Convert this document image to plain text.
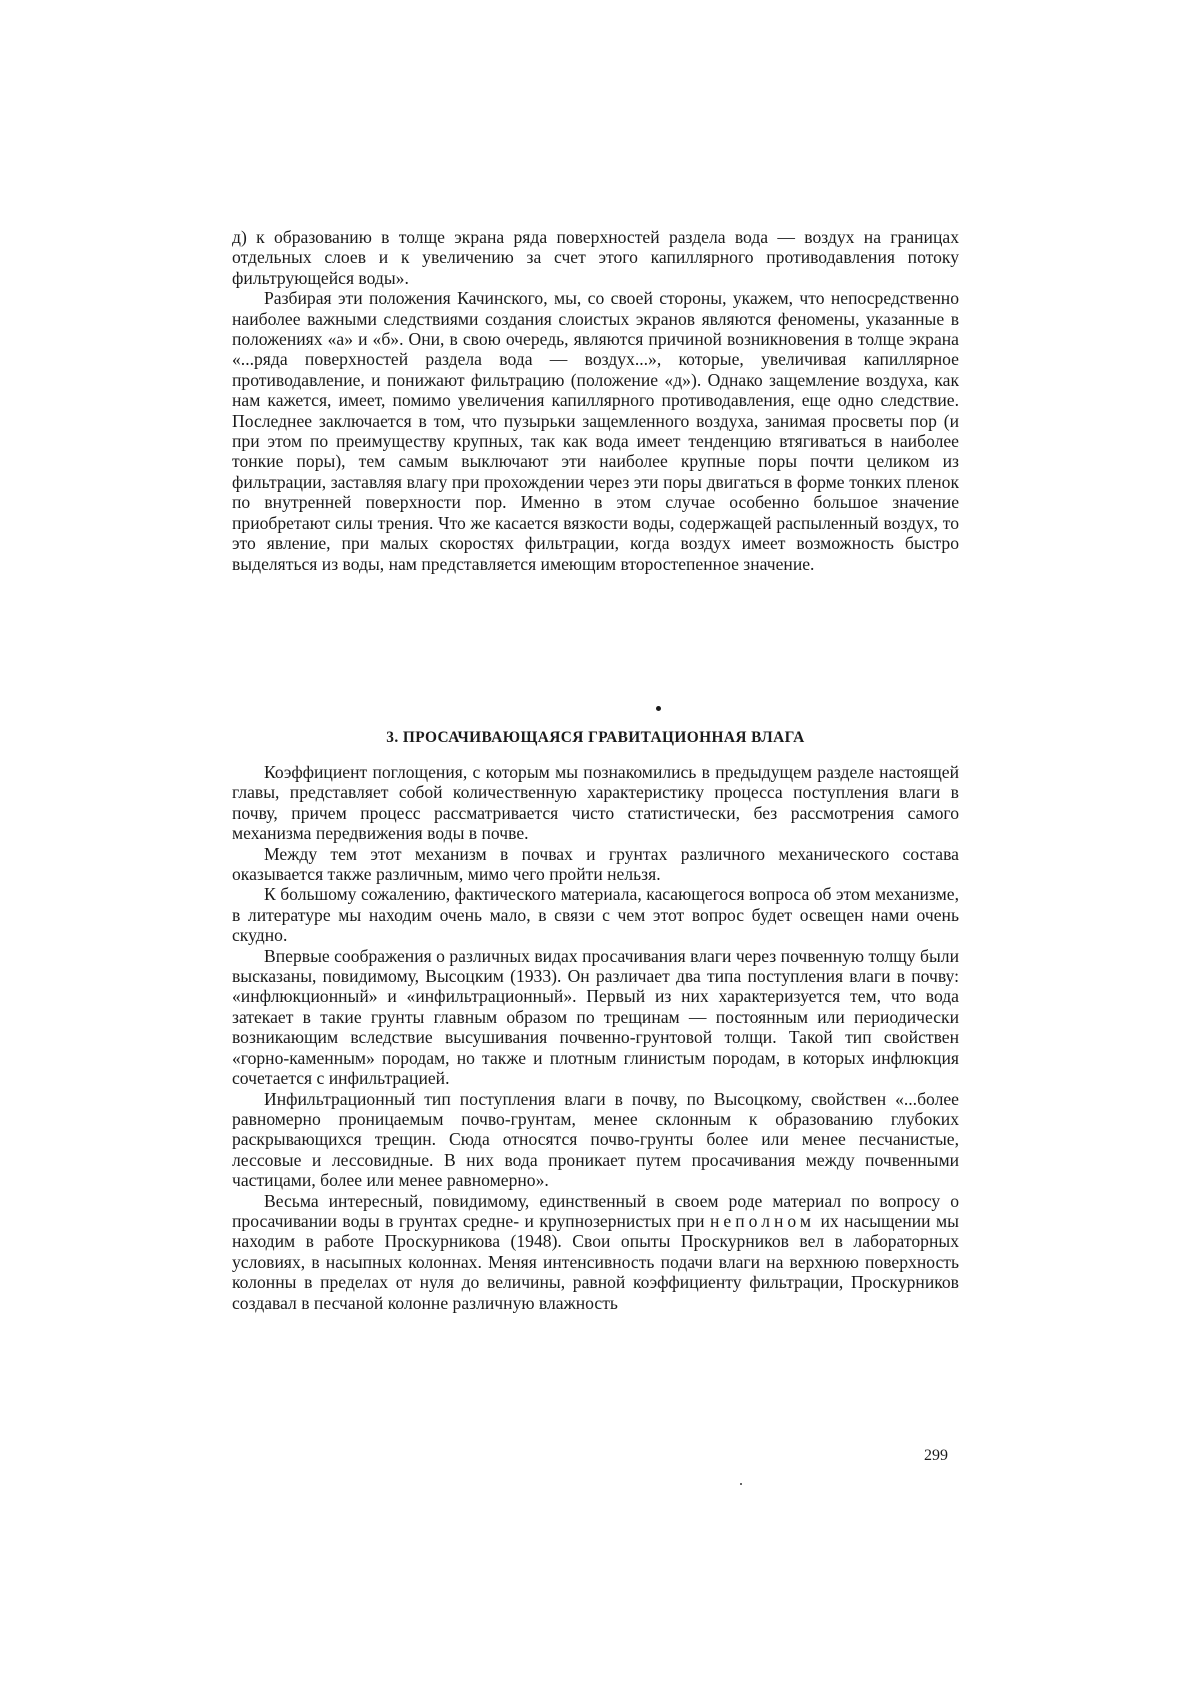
д) к образованию в толще экрана ряда поверхностей раздела вода — воздух на границах отдельных слоев и к увеличению за счет этого капиллярного противодавления потоку фильтрующейся воды».

Разбирая эти положения Качинского, мы, со своей стороны, укажем, что непосредственно наиболее важными следствиями создания слоистых экранов являются феномены, указанные в положениях «а» и «б». Они, в свою очередь, являются причиной возникновения в толще экрана «...ряда поверхностей раздела вода — воздух...», которые, увеличивая капиллярное противодавление, и понижают фильтрацию (положение «д»). Однако защемление воздуха, как нам кажется, имеет, помимо увеличения капиллярного противодавления, еще одно следствие. Последнее заключается в том, что пузырьки защемленного воздуха, занимая просветы пор (и при этом по преимуществу крупных, так как вода имеет тенденцию втягиваться в наиболее тонкие поры), тем самым выключают эти наиболее крупные поры почти целиком из фильтрации, заставляя влагу при прохождении через эти поры двигаться в форме тонких пленок по внутренней поверхности пор. Именно в этом случае особенно большое значение приобретают силы трения. Что же касается вязкости воды, содержащей распыленный воздух, то это явление, при малых скоростях фильтрации, когда воздух имеет возможность быстро выделяться из воды, нам представляется имеющим второстепенное значение.

3. ПРОСАЧИВАЮЩАЯСЯ ГРАВИТАЦИОННАЯ ВЛАГА

Коэффициент поглощения, с которым мы познакомились в предыдущем разделе настоящей главы, представляет собой количественную характеристику процесса поступления влаги в почву, причем процесс рассматривается чисто статистически, без рассмотрения самого механизма передвижения воды в почве.

Между тем этот механизм в почвах и грунтах различного механического состава оказывается также различным, мимо чего пройти нельзя.

К большому сожалению, фактического материала, касающегося вопроса об этом механизме, в литературе мы находим очень мало, в связи с чем этот вопрос будет освещен нами очень скудно.

Впервые соображения о различных видах просачивания влаги через почвенную толщу были высказаны, повидимому, Высоцким (1933). Он различает два типа поступления влаги в почву: «инфлюкционный» и «инфильтрационный». Первый из них характеризуется тем, что вода затекает в такие грунты главным образом по трещинам — постоянным или периодически возникающим вследствие высушивания почвенно-грунтовой толщи. Такой тип свойствен «горно-каменным» породам, но также и плотным глинистым породам, в которых инфлюкция сочетается с инфильтрацией.

Инфильтрационный тип поступления влаги в почву, по Высоцкому, свойствен «...более равномерно проницаемым почво-грунтам, менее склонным к образованию глубоких раскрывающихся трещин. Сюда относятся почво-грунты более или менее песчанистые, лессовые и лессовидные. В них вода проникает путем просачивания между почвенными частицами, более или менее равномерно».

Весьма интересный, повидимому, единственный в своем роде материал по вопросу о просачивании воды в грунтах средне- и крупнозернистых при неполном их насыщении мы находим в работе Проскурникова (1948). Свои опыты Проскурников вел в лабораторных условиях, в насыпных колоннах. Меняя интенсивность подачи влаги на верхнюю поверхность колонны в пределах от нуля до величины, равной коэффициенту фильтрации, Проскурников создавал в песчаной колонне различную влажность

299
